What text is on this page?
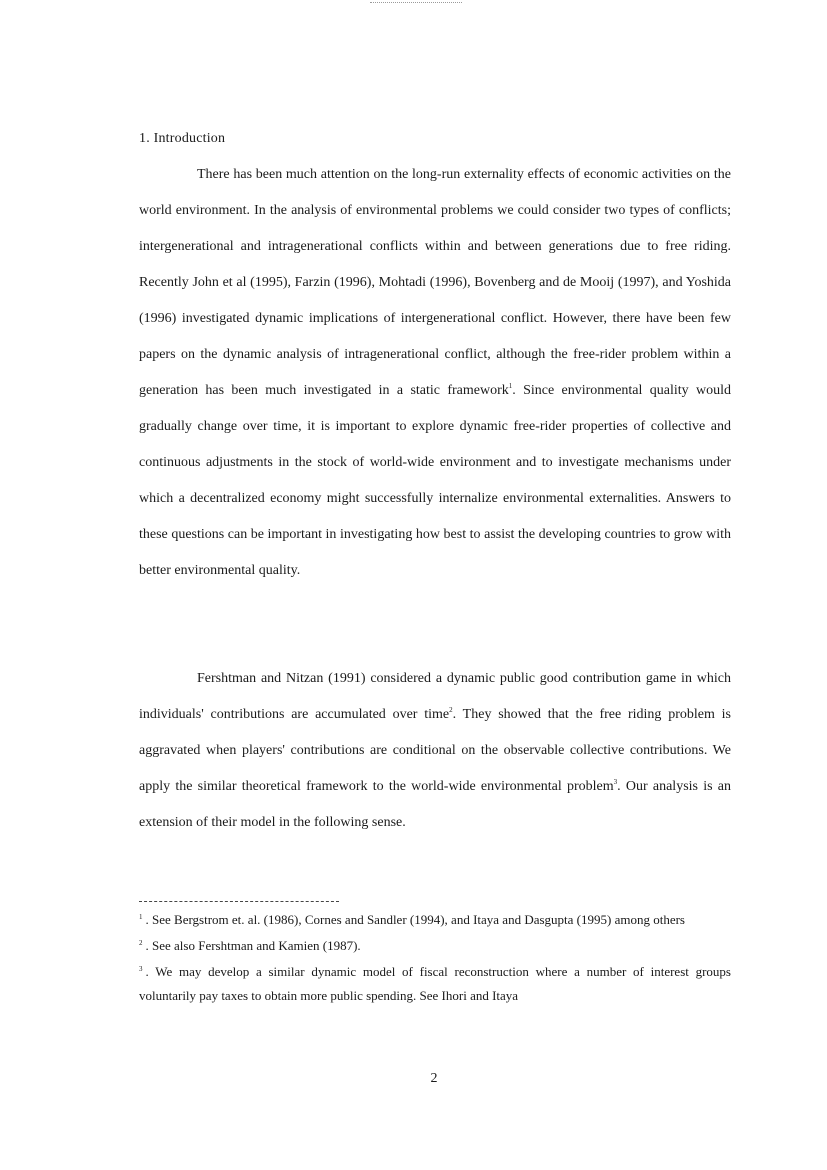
1. Introduction

There has been much attention on the long-run externality effects of economic activities on the world environment. In the analysis of environmental problems we could consider two types of conflicts; intergenerational and intragenerational conflicts within and between generations due to free riding. Recently John et al (1995), Farzin (1996), Mohtadi (1996), Bovenberg and de Mooij (1997), and Yoshida (1996) investigated dynamic implications of intergenerational conflict. However, there have been few papers on the dynamic analysis of intragenerational conflict, although the free-rider problem within a generation has been much investigated in a static framework$^1$. Since environmental quality would gradually change over time, it is important to explore dynamic free-rider properties of collective and continuous adjustments in the stock of world-wide environment and to investigate mechanisms under which a decentralized economy might successfully internalize environmental externalities. Answers to these questions can be important in investigating how best to assist the developing countries to grow with better environmental quality.

Fershtman and Nitzan (1991) considered a dynamic public good contribution game in which individuals' contributions are accumulated over time$^2$. They showed that the free riding problem is aggravated when players' contributions are conditional on the observable collective contributions. We apply the similar theoretical framework to the world-wide environmental problem$^3$. Our analysis is an extension of their model in the following sense.

$^1$ . See Bergstrom et. al. (1986), Cornes and Sandler (1994), and Itaya and Dasgupta (1995) among others
$^2$ . See also Fershtman and Kamien (1987).
$^3$ . We may develop a similar dynamic model of fiscal reconstruction where a number of interest groups voluntarily pay taxes to obtain more public spending. See Ihori and Itaya
2
